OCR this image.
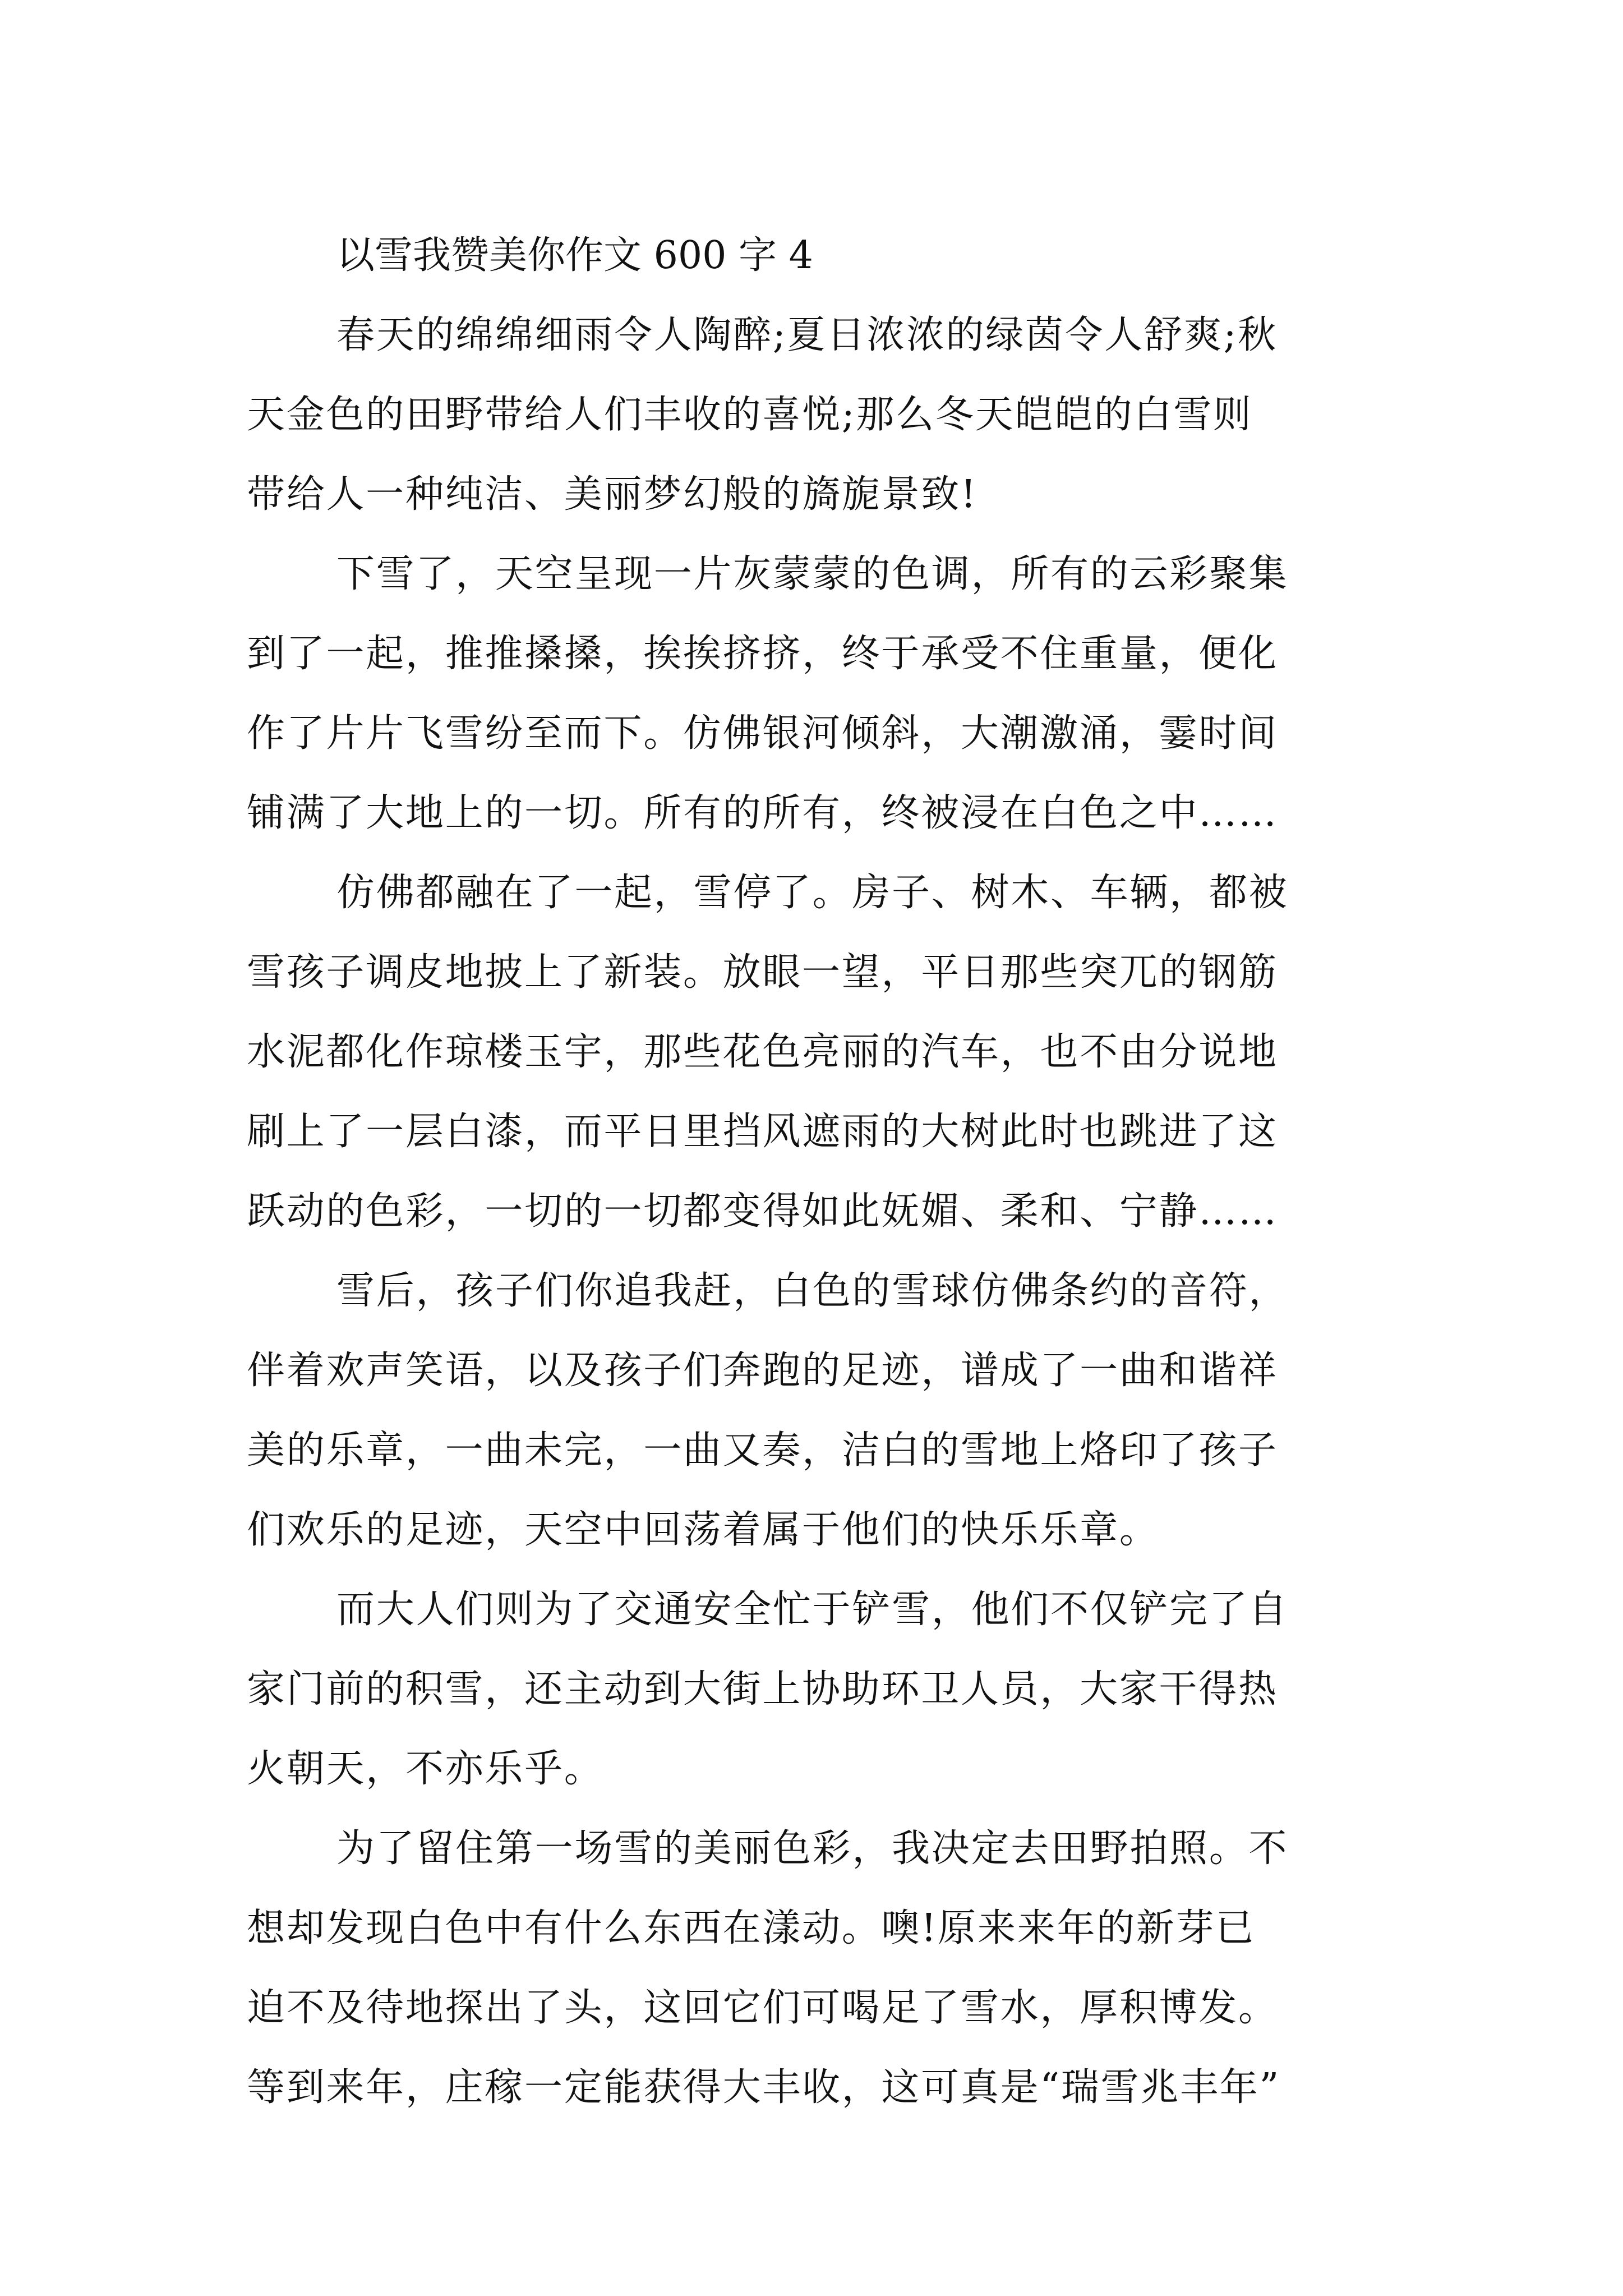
以雪我赞美你作文 600 字 4

春天的绵绵细雨令人陶醉;夏日浓浓的绿茵令人舒爽;秋
天金色的田野带给人们丰收的喜悦;那么冬天皑皑的白雪则
带给人一种纯洁、美丽梦幻般的旖旎景致!

下雪了，天空呈现一片灰蒙蒙的色调，所有的云彩聚集
到了一起，推推搡搡，挨挨挤挤，终于承受不住重量，便化
作了片片飞雪纷至而下。仿佛银河倾斜，大潮激涌，霎时间
铺满了大地上的一切。所有的所有，终被浸在白色之中……

仿佛都融在了一起，雪停了。房子、树木、车辆，都被
雪孩子调皮地披上了新装。放眼一望，平日那些突兀的钢筋
水泥都化作琼楼玉宇，那些花色亮丽的汽车，也不由分说地
刷上了一层白漆，而平日里挡风遮雨的大树此时也跳进了这
跃动的色彩，一切的一切都变得如此妩媚、柔和、宁静……

雪后，孩子们你追我赶，白色的雪球仿佛条约的音符，
伴着欢声笑语，以及孩子们奔跑的足迹，谱成了一曲和谐祥
美的乐章，一曲未完，一曲又奏，洁白的雪地上烙印了孩子
们欢乐的足迹，天空中回荡着属于他们的快乐乐章。

而大人们则为了交通安全忙于铲雪，他们不仅铲完了自
家门前的积雪，还主动到大街上协助环卫人员，大家干得热
火朝天，不亦乐乎。

为了留住第一场雪的美丽色彩，我决定去田野拍照。不
想却发现白色中有什么东西在漾动。噢!原来来年的新芽已
迫不及待地探出了头，这回它们可喝足了雪水，厚积博发。
等到来年，庄稼一定能获得大丰收，这可真是“瑞雪兆丰年”
